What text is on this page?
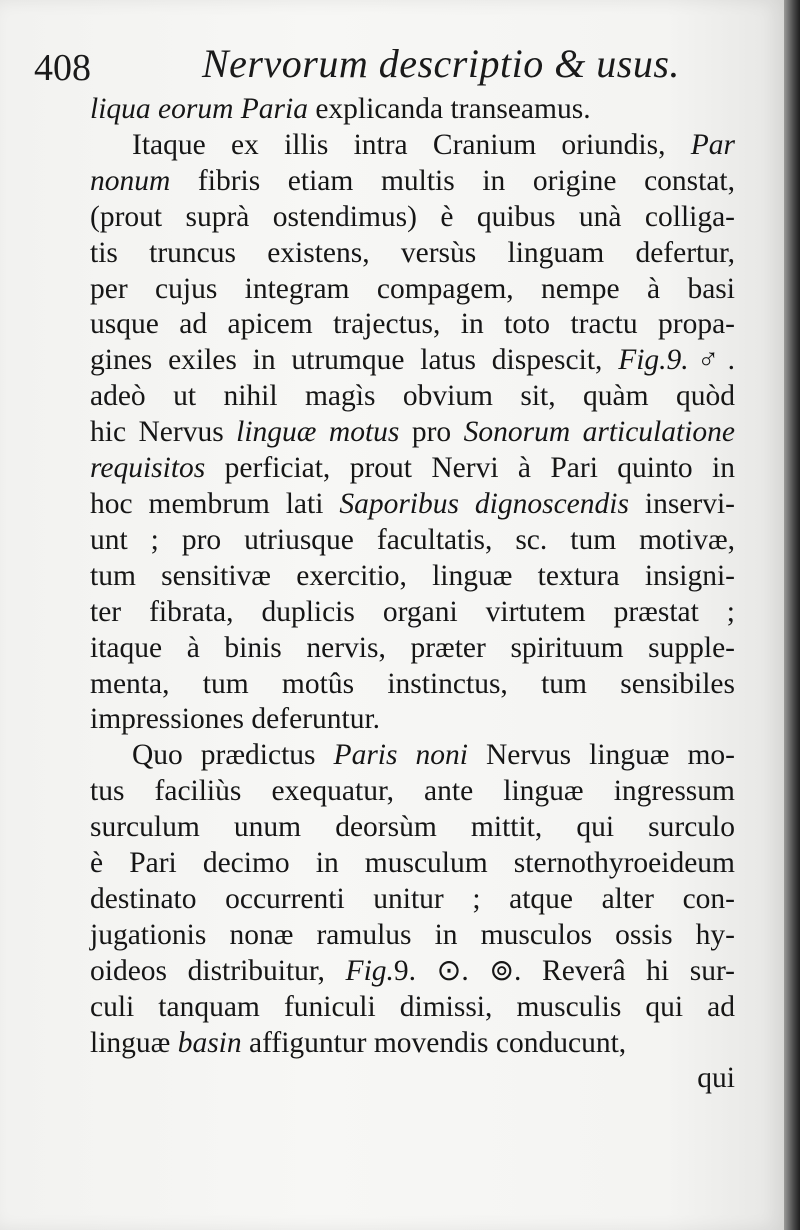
408	Nervorum descriptio & usus.
liqua eorum Paria explicanda transeamus.
Itaque ex illis intra Cranium oriundis, Par
nonum fibris etiam multis in origine constat,
(prout suprà ostendimus) è quibus unà colliga-
tis truncus existens, versùs linguam defertur,
per cujus integram compagem, nempe à basi
usque ad apicem trajectus, in toto tractu propa-
gines exiles in utrumque latus dispescit, Fig.9.♂.
adeò ut nihil magìs obvium sit, quàm quòd
hic Nervus linguæ motus pro Sonorum articulatione
requisitos perficiat, prout Nervi à Pari quinto in
hoc membrum lati Saporibus dignoscendis inservi-
unt ; pro utriusque facultatis, sc. tum motivæ,
tum sensitivæ exercitio, linguæ textura insigni-
ter fibrata, duplicis organi virtutem præstat ;
itaque à binis nervis, præter spirituum supple-
menta, tum motûs instinctus, tum sensibiles
impressiones deferuntur.
Quo prædictus Paris noni Nervus linguæ mo-
tus faciliùs exequatur, ante linguæ ingressum
surculum unum deorsùm mittit, qui surculo
è Pari decimo in musculum sternothyroeideum
destinato occurrenti unitur ; atque alter con-
jugationis nonæ ramulus in musculos ossis hy-
oideos distribuitur, Fig.9. ⊙. ⊚. Reverâ hi sur-
culi tanquam funiculi dimissi, musculis qui ad
linguæ basin affiguntur movendis conducunt,
qui
